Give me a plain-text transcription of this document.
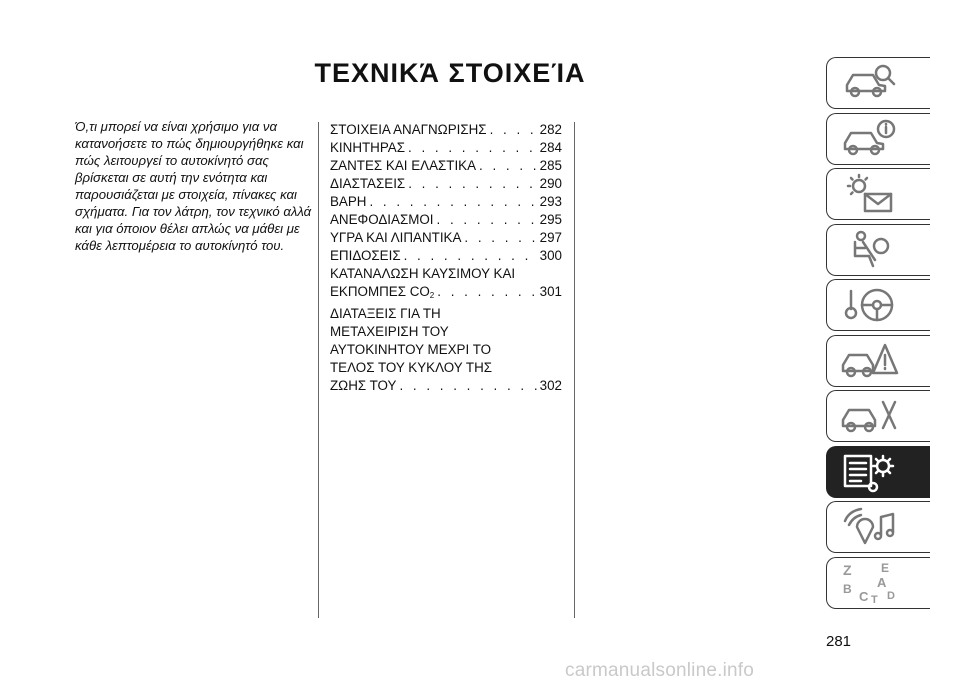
ΤΕΧΝΙΚΆ ΣΤΟΙΧΕΊΑ
Ό,τι μπορεί να είναι χρήσιμο για να κατανοήσετε το πώς δημιουργήθηκε και πώς λειτουργεί το αυτοκίνητό σας βρίσκεται σε αυτή την ενότητα και παρουσιάζεται με στοιχεία, πίνακες και σχήματα. Για τον λάτρη, τον τεχνικό αλλά και για όποιον θέλει απλώς να μάθει με κάθε λεπτομέρεια το αυτοκίνητό του.
ΣΤΟΙΧΕΙΑ ΑΝΑΓΝΩΡΙΣΗΣ . . .	282
ΚΙΝΗΤΗΡΑΣ . . .	284
ΖΑΝΤΕΣ ΚΑΙ ΕΛΑΣΤΙΚΑ . . .	285
ΔΙΑΣΤΑΣΕΙΣ . . .	290
ΒΑΡΗ . . .	293
ΑΝΕΦΟΔΙΑΣΜΟΙ . . .	295
ΥΓΡΑ ΚΑΙ ΛΙΠΑΝΤΙΚΑ . . .	297
ΕΠΙΔΟΣΕΙΣ . . .	300
ΚΑΤΑΝΑΛΩΣΗ ΚΑΥΣΙΜΟΥ ΚΑΙ
ΕΚΠΟΜΠΕΣ $CO_2$ . . .	301
ΔΙΑΤΑΞΕΙΣ ΓΙΑ ΤΗ
ΜΕΤΑΧΕΙΡΙΣΗ ΤΟΥ
ΑΥΤΟΚΙΝΗΤΟΥ ΜΕΧΡΙ ΤΟ
ΤΕΛΟΣ ΤΟΥ ΚΥΚΛΟΥ ΤΗΣ
ΖΩΗΣ ΤΟΥ . . .	302
Z E
A
B C D
T
281
carmanualsonline.info
